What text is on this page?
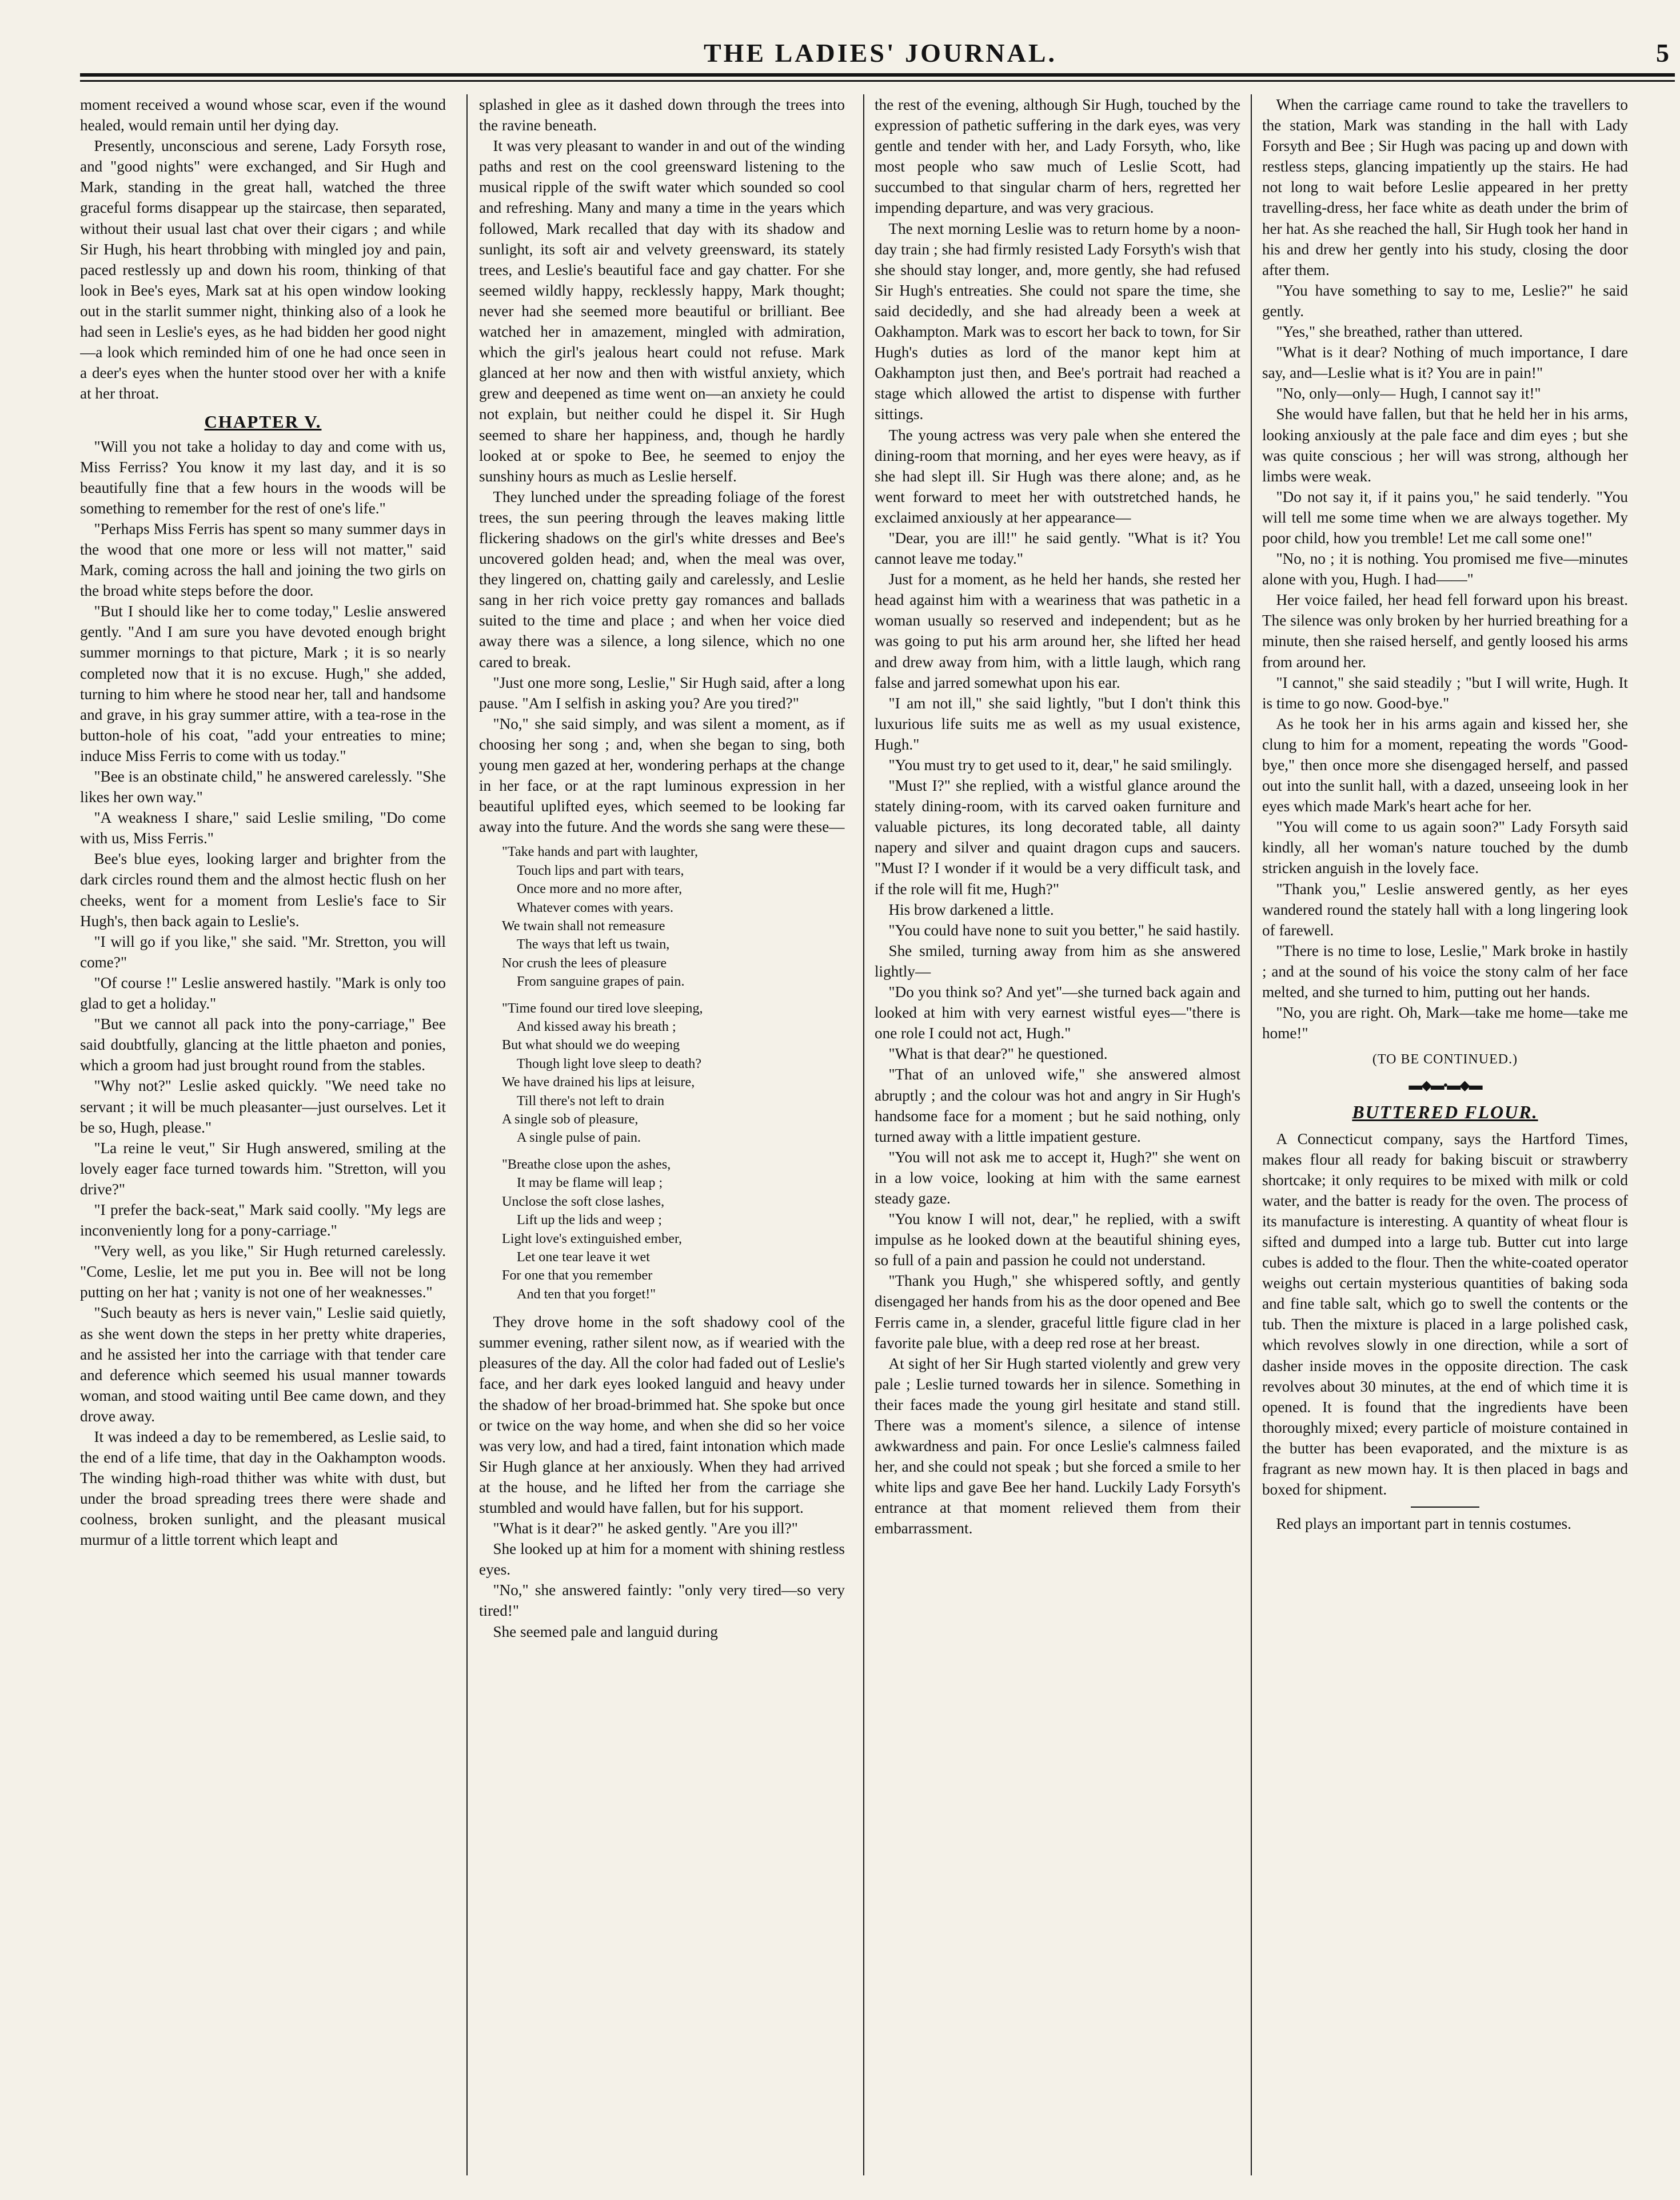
THE LADIES' JOURNAL.	5

moment received a wound whose scar, even if the wound healed, would remain until her dying day.

Presently, unconscious and serene, Lady Forsyth rose, and "good nights" were exchanged, and Sir Hugh and Mark, standing in the great hall, watched the three graceful forms disappear up the staircase, then separated, without their usual last chat over their cigars ; and while Sir Hugh, his heart throbbing with mingled joy and pain, paced restlessly up and down his room, thinking of that look in Bee's eyes, Mark sat at his open window looking out in the starlit summer night, thinking also of a look he had seen in Leslie's eyes, as he had bidden her good night—a look which reminded him of one he had once seen in a deer's eyes when the hunter stood over her with a knife at her throat.

CHAPTER V.

"Will you not take a holiday to day and come with us, Miss Ferriss? You know it my last day, and it is so beautifully fine that a few hours in the woods will be something to remember for the rest of one's life."

"Perhaps Miss Ferris has spent so many summer days in the wood that one more or less will not matter," said Mark, coming across the hall and joining the two girls on the broad white steps before the door.

"But I should like her to come today," Leslie answered gently. "And I am sure you have devoted enough bright summer mornings to that picture, Mark ; it is so nearly completed now that it is no excuse. Hugh," she added, turning to him where he stood near her, tall and handsome and grave, in his gray summer attire, with a tea-rose in the button-hole of his coat, "add your entreaties to mine; induce Miss Ferris to come with us today."

"Bee is an obstinate child," he answered carelessly. "She likes her own way."

"A weakness I share," said Leslie smiling, "Do come with us, Miss Ferris."

Bee's blue eyes, looking larger and brighter from the dark circles round them and the almost hectic flush on her cheeks, went for a moment from Leslie's face to Sir Hugh's, then back again to Leslie's.

"I will go if you like," she said. "Mr. Stretton, you will come?"

"Of course !" Leslie answered hastily. "Mark is only too glad to get a holiday."

"But we cannot all pack into the pony-carriage," Bee said doubtfully, glancing at the little phaeton and ponies, which a groom had just brought round from the stables.

"Why not?" Leslie asked quickly. "We need take no servant ; it will be much pleasanter—just ourselves. Let it be so, Hugh, please."

"La reine le veut," Sir Hugh answered, smiling at the lovely eager face turned towards him. "Stretton, will you drive?"

"I prefer the back-seat," Mark said coolly. "My legs are inconveniently long for a pony-carriage."

"Very well, as you like," Sir Hugh returned carelessly. "Come, Leslie, let me put you in. Bee will not be long putting on her hat ; vanity is not one of her weaknesses."

"Such beauty as hers is never vain," Leslie said quietly, as she went down the steps in her pretty white draperies, and he assisted her into the carriage with that tender care and deference which seemed his usual manner towards woman, and stood waiting until Bee came down, and they drove away.

It was indeed a day to be remembered, as Leslie said, to the end of a life time, that day in the Oakhampton woods. The winding high-road thither was white with dust, but under the broad spreading trees there were shade and coolness, broken sunlight, and the pleasant musical murmur of a little torrent which leapt and

splashed in glee as it dashed down through the trees into the ravine beneath.

It was very pleasant to wander in and out of the winding paths and rest on the cool greensward listening to the musical ripple of the swift water which sounded so cool and refreshing. Many and many a time in the years which followed, Mark recalled that day with its shadow and sunlight, its soft air and velvety greensward, its stately trees, and Leslie's beautiful face and gay chatter. For she seemed wildly happy, recklessly happy, Mark thought; never had she seemed more beautiful or brilliant. Bee watched her in amazement, mingled with admiration, which the girl's jealous heart could not refuse. Mark glanced at her now and then with wistful anxiety, which grew and deepened as time went on—an anxiety he could not explain, but neither could he dispel it. Sir Hugh seemed to share her happiness, and, though he hardly looked at or spoke to Bee, he seemed to enjoy the sunshiny hours as much as Leslie herself.

They lunched under the spreading foliage of the forest trees, the sun peering through the leaves making little flickering shadows on the girl's white dresses and Bee's uncovered golden head; and, when the meal was over, they lingered on, chatting gaily and carelessly, and Leslie sang in her rich voice pretty gay romances and ballads suited to the time and place ; and when her voice died away there was a silence, a long silence, which no one cared to break.

"Just one more song, Leslie," Sir Hugh said, after a long pause. "Am I selfish in asking you? Are you tired?"

"No," she said simply, and was silent a moment, as if choosing her song ; and, when she began to sing, both young men gazed at her, wondering perhaps at the change in her face, or at the rapt luminous expression in her beautiful uplifted eyes, which seemed to be looking far away into the future. And the words she sang were these—

"Take hands and part with laughter,
Touch lips and part with tears,
Once more and no more after,
Whatever comes with years.
We twain shall not remeasure
The ways that left us twain,
Nor crush the lees of pleasure
From sanguine grapes of pain.
"Time found our tired love sleeping,
And kissed away his breath ;
But what should we do weeping
Though light love sleep to death?
We have drained his lips at leisure,
Till there's not left to drain
A single sob of pleasure,
A single pulse of pain.
"Breathe close upon the ashes,
It may be flame will leap ;
Unclose the soft close lashes,
Lift up the lids and weep ;
Light love's extinguished ember,
Let one tear leave it wet
For one that you remember
And ten that you forget!"

They drove home in the soft shadowy cool of the summer evening, rather silent now, as if wearied with the pleasures of the day. All the color had faded out of Leslie's face, and her dark eyes looked languid and heavy under the shadow of her broad-brimmed hat. She spoke but once or twice on the way home, and when she did so her voice was very low, and had a tired, faint intonation which made Sir Hugh glance at her anxiously. When they had arrived at the house, and he lifted her from the carriage she stumbled and would have fallen, but for his support.

"What is it dear?" he asked gently. "Are you ill?"

She looked up at him for a moment with shining restless eyes.

"No," she answered faintly: "only very tired—so very tired!"

She seemed pale and languid during

the rest of the evening, although Sir Hugh, touched by the expression of pathetic suffering in the dark eyes, was very gentle and tender with her, and Lady Forsyth, who, like most people who saw much of Leslie Scott, had succumbed to that singular charm of hers, regretted her impending departure, and was very gracious.

The next morning Leslie was to return home by a noon-day train ; she had firmly resisted Lady Forsyth's wish that she should stay longer, and, more gently, she had refused Sir Hugh's entreaties. She could not spare the time, she said decidedly, and she had already been a week at Oakhampton. Mark was to escort her back to town, for Sir Hugh's duties as lord of the manor kept him at Oakhampton just then, and Bee's portrait had reached a stage which allowed the artist to dispense with further sittings.

The young actress was very pale when she entered the dining-room that morning, and her eyes were heavy, as if she had slept ill. Sir Hugh was there alone; and, as he went forward to meet her with outstretched hands, he exclaimed anxiously at her appearance—

"Dear, you are ill!" he said gently. "What is it? You cannot leave me today."

Just for a moment, as he held her hands, she rested her head against him with a weariness that was pathetic in a woman usually so reserved and independent; but as he was going to put his arm around her, she lifted her head and drew away from him, with a little laugh, which rang false and jarred somewhat upon his ear.

"I am not ill," she said lightly, "but I don't think this luxurious life suits me as well as my usual existence, Hugh."

"You must try to get used to it, dear," he said smilingly.

"Must I?" she replied, with a wistful glance around the stately dining-room, with its carved oaken furniture and valuable pictures, its long decorated table, all dainty napery and silver and quaint dragon cups and saucers. "Must I? I wonder if it would be a very difficult task, and if the role will fit me, Hugh?"

His brow darkened a little.

"You could have none to suit you better," he said hastily.

She smiled, turning away from him as she answered lightly—

"Do you think so? And yet"—she turned back again and looked at him with very earnest wistful eyes—"there is one role I could not act, Hugh."

"What is that dear?" he questioned.

"That of an unloved wife," she answered almost abruptly ; and the colour was hot and angry in Sir Hugh's handsome face for a moment ; but he said nothing, only turned away with a little impatient gesture.

"You will not ask me to accept it, Hugh?" she went on in a low voice, looking at him with the same earnest steady gaze.

"You know I will not, dear," he replied, with a swift impulse as he looked down at the beautiful shining eyes, so full of a pain and passion he could not understand.

"Thank you Hugh," she whispered softly, and gently disengaged her hands from his as the door opened and Bee Ferris came in, a slender, graceful little figure clad in her favorite pale blue, with a deep red rose at her breast.

At sight of her Sir Hugh started violently and grew very pale ; Leslie turned towards her in silence. Something in their faces made the young girl hesitate and stand still. There was a moment's silence, a silence of intense awkwardness and pain. For once Leslie's calmness failed her, and she could not speak ; but she forced a smile to her white lips and gave Bee her hand. Luckily Lady Forsyth's entrance at that moment relieved them from their embarrassment.

When the carriage came round to take the travellers to the station, Mark was standing in the hall with Lady Forsyth and Bee ; Sir Hugh was pacing up and down with restless steps, glancing impatiently up the stairs. He had not long to wait before Leslie appeared in her pretty travelling-dress, her face white as death under the brim of her hat. As she reached the hall, Sir Hugh took her hand in his and drew her gently into his study, closing the door after them.

"You have something to say to me, Leslie?" he said gently.

"Yes," she breathed, rather than uttered.

"What is it dear? Nothing of much importance, I dare say, and—Leslie what is it? You are in pain!"

"No, only—only— Hugh, I cannot say it!"

She would have fallen, but that he held her in his arms, looking anxiously at the pale face and dim eyes ; but she was quite conscious ; her will was strong, although her limbs were weak.

"Do not say it, if it pains you," he said tenderly. "You will tell me some time when we are always together. My poor child, how you tremble! Let me call some one!"

"No, no ; it is nothing. You promised me five—minutes alone with you, Hugh. I had——"

Her voice failed, her head fell forward upon his breast. The silence was only broken by her hurried breathing for a minute, then she raised herself, and gently loosed his arms from around her.

"I cannot," she said steadily ; "but I will write, Hugh. It is time to go now. Good-bye."

As he took her in his arms again and kissed her, she clung to him for a moment, repeating the words "Good-bye," then once more she disengaged herself, and passed out into the sunlit hall, with a dazed, unseeing look in her eyes which made Mark's heart ache for her.

"You will come to us again soon?" Lady Forsyth said kindly, all her woman's nature touched by the dumb stricken anguish in the lovely face.

"Thank you," Leslie answered gently, as her eyes wandered round the stately hall with a long lingering look of farewell.

"There is no time to lose, Leslie," Mark broke in hastily ; and at the sound of his voice the stony calm of her face melted, and she turned to him, putting out her hands.

"No, you are right. Oh, Mark—take me home—take me home!"

(TO BE CONTINUED.)
▬◆▬•▬◆▬
BUTTERED FLOUR.

A Connecticut company, says the Hartford Times, makes flour all ready for baking biscuit or strawberry shortcake; it only requires to be mixed with milk or cold water, and the batter is ready for the oven. The process of its manufacture is interesting. A quantity of wheat flour is sifted and dumped into a large tub. Butter cut into large cubes is added to the flour. Then the white-coated operator weighs out certain mysterious quantities of baking soda and fine table salt, which go to swell the contents or the tub. Then the mixture is placed in a large polished cask, which revolves slowly in one direction, while a sort of dasher inside moves in the opposite direction. The cask revolves about 30 minutes, at the end of which time it is opened. It is found that the ingredients have been thoroughly mixed; every particle of moisture contained in the butter has been evaporated, and the mixture is as fragrant as new mown hay. It is then placed in bags and boxed for shipment.

Red plays an important part in tennis costumes.
